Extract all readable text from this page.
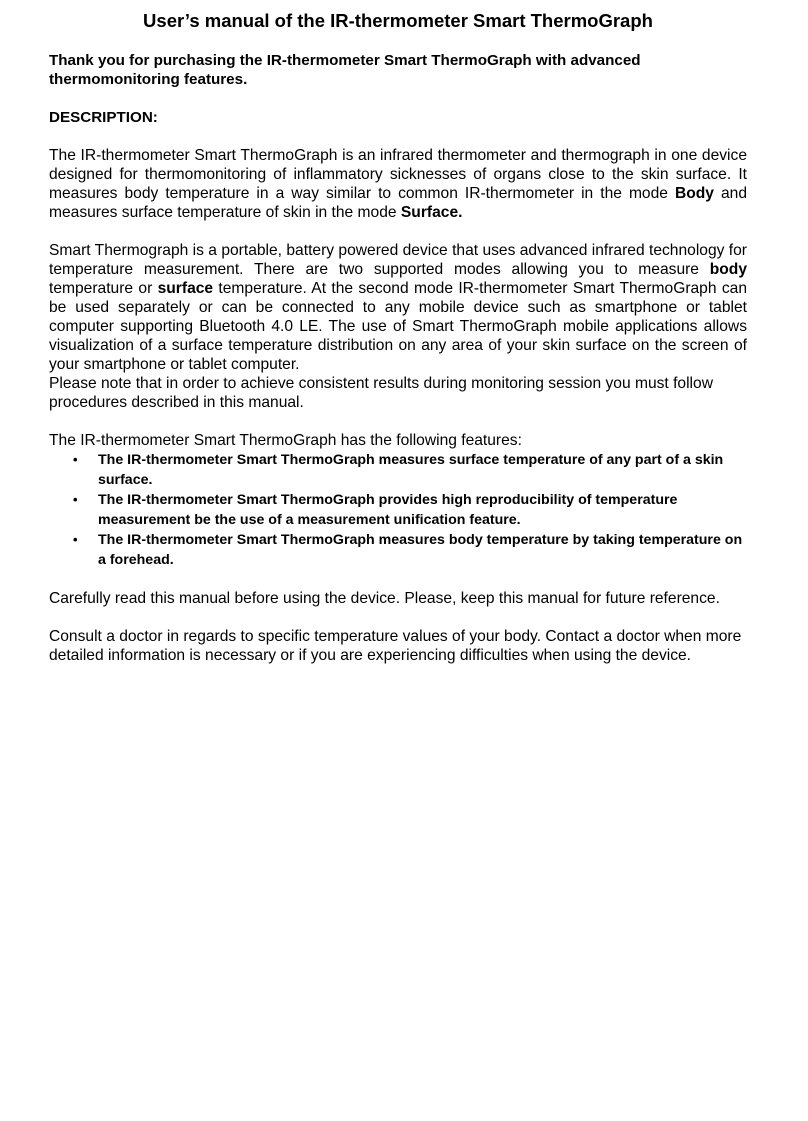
User’s manual of the IR-thermometer Smart ThermoGraph
Thank you for purchasing the IR-thermometer Smart ThermoGraph with advanced thermomonitoring features.
DESCRIPTION:

The IR-thermometer Smart ThermoGraph is an infrared thermometer and thermograph in one device designed for thermomonitoring of inflammatory sicknesses of organs close to the skin surface. It measures body temperature in a way similar to common IR-thermometer in the mode Body and measures surface temperature of skin in the mode Surface.

Smart Thermograph is a portable, battery powered device that uses advanced infrared technology for temperature measurement. There are two supported modes allowing you to measure body temperature or surface temperature. At the second mode IR-thermometer Smart ThermoGraph can be used separately or can be connected to any mobile device such as smartphone or tablet computer supporting Bluetooth 4.0 LE. The use of Smart ThermoGraph mobile applications allows visualization of a surface temperature distribution on any area of your skin surface on the screen of your smartphone or tablet computer.

Please note that in order to achieve consistent results during monitoring session you must follow procedures described in this manual.

The IR-thermometer Smart ThermoGraph has the following features:

• The IR-thermometer Smart ThermoGraph measures surface temperature of any part of a skin surface.
• The IR-thermometer Smart ThermoGraph provides high reproducibility of temperature measurement be the use of a measurement unification feature.
• The IR-thermometer Smart ThermoGraph measures body temperature by taking temperature on a forehead.

Carefully read this manual before using the device. Please, keep this manual for future reference.

Consult a doctor in regards to specific temperature values of your body. Contact a doctor when more detailed information is necessary or if you are experiencing difficulties when using the device.
